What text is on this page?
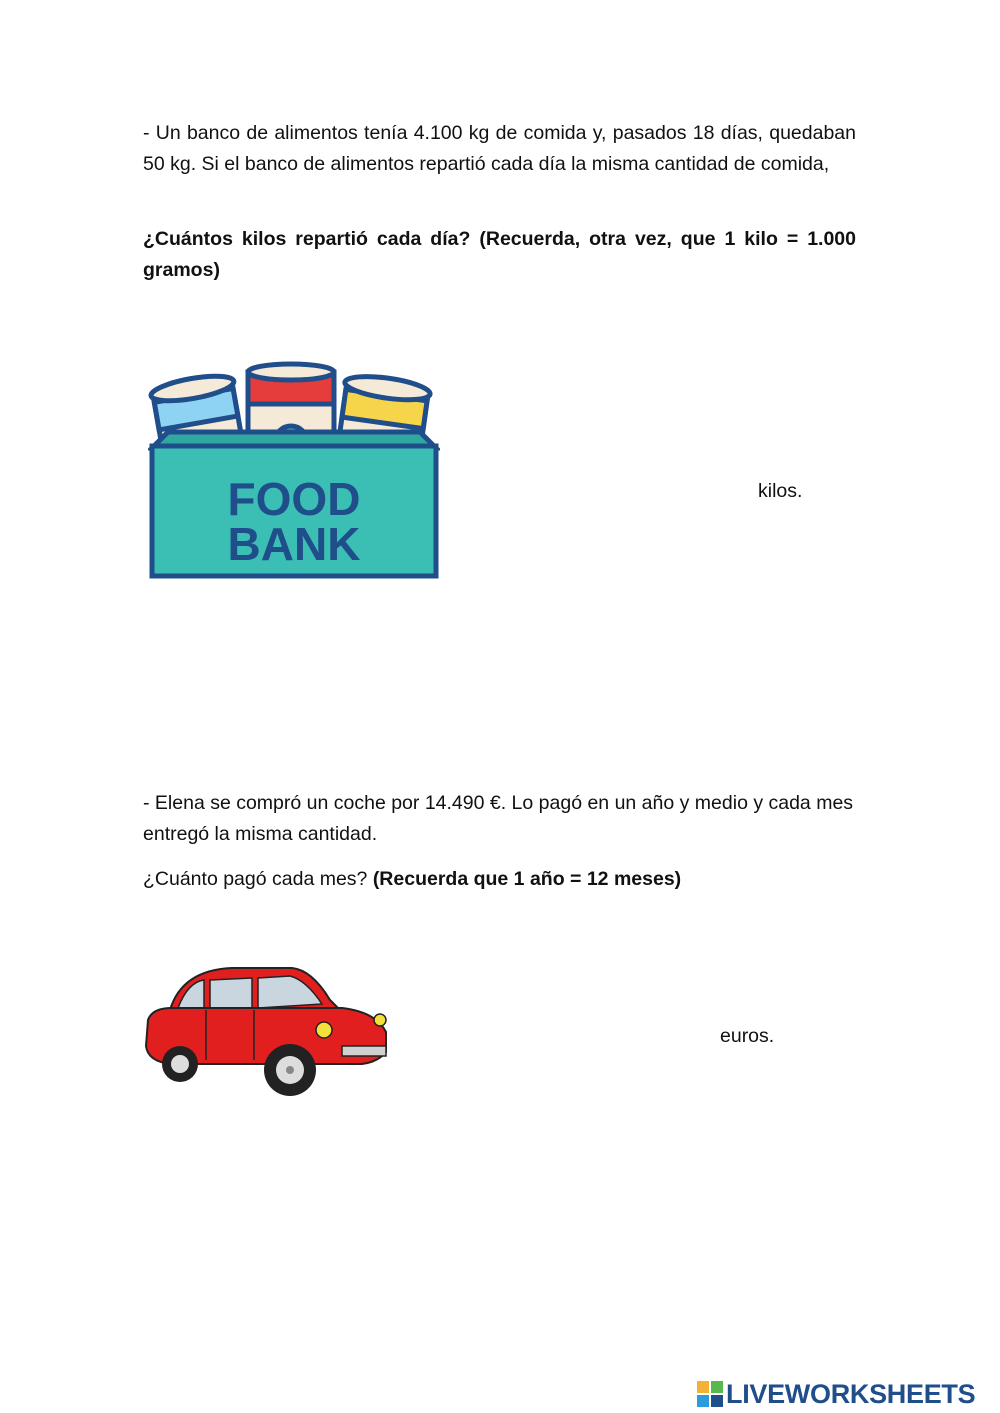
- Un banco de alimentos tenía 4.100 kg de comida y, pasados 18 días, quedaban 50 kg. Si el banco de alimentos repartió cada día la misma cantidad de comida,

¿Cuántos kilos repartió cada día? (Recuerda, otra vez, que 1 kilo = 1.000 gramos)

FOOD
BANK
kilos.

- Elena se compró un coche por 14.490 €. Lo pagó en un año y medio y cada mes entregó la misma cantidad.

¿Cuánto pagó cada mes? (Recuerda que 1 año = 12 meses)

euros.
LIVEWORKSHEETS
